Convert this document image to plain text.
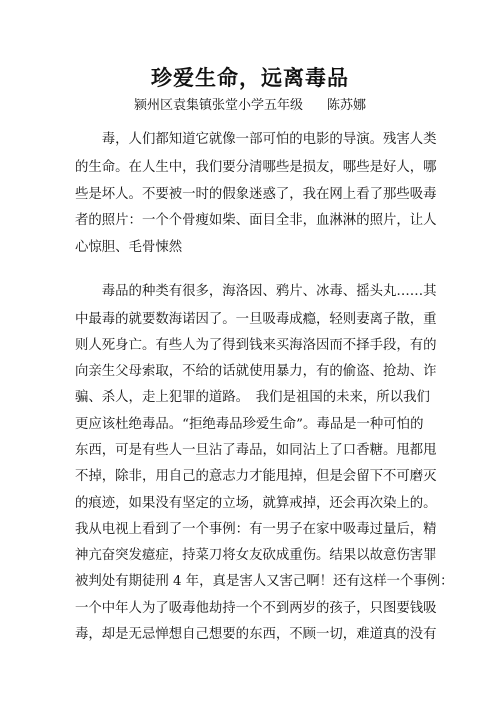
珍爱生命，远离毒品
颍州区袁集镇张堂小学五年级 陈苏娜
　　毒，人们都知道它就像一部可怕的电影的导演。残害人类
的生命。在人生中，我们要分清哪些是损友，哪些是好人，哪
些是坏人。不要被一时的假象迷惑了，我在网上看了那些吸毒
者的照片：一个个骨瘦如柴、面目全非，血淋淋的照片，让人
心惊胆、毛骨悚然
　　毒品的种类有很多，海洛因、鸦片、冰毒、摇头丸……其
中最毒的就要数海诺因了。一旦吸毒成瘾，轻则妻离子散，重
则人死身亡。有些人为了得到钱来买海洛因而不择手段，有的
向亲生父母索取，不给的话就使用暴力，有的偷盗、抢劫、诈
骗、杀人，走上犯罪的道路。　我们是祖国的未来，所以我们
更应该杜绝毒品。“拒绝毒品珍爱生命”。毒品是一种可怕的
东西，可是有些人一旦沾了毒品，如同沾上了口香糖。甩都甩
不掉，除非，用自己的意志力才能甩掉，但是会留下不可磨灭
的痕迹，如果没有坚定的立场，就算戒掉，还会再次染上的。
我从电视上看到了一个事例：有一男子在家中吸毒过量后，精
神亢奋突发癔症，持菜刀将女友砍成重伤。结果以故意伤害罪
被判处有期徒刑 4 年，真是害人又害己啊！还有这样一个事例：
一个中年人为了吸毒他劫持一个不到两岁的孩子，只图要钱吸
毒，却是无忌惮想自己想要的东西，不顾一切，难道真的没有
